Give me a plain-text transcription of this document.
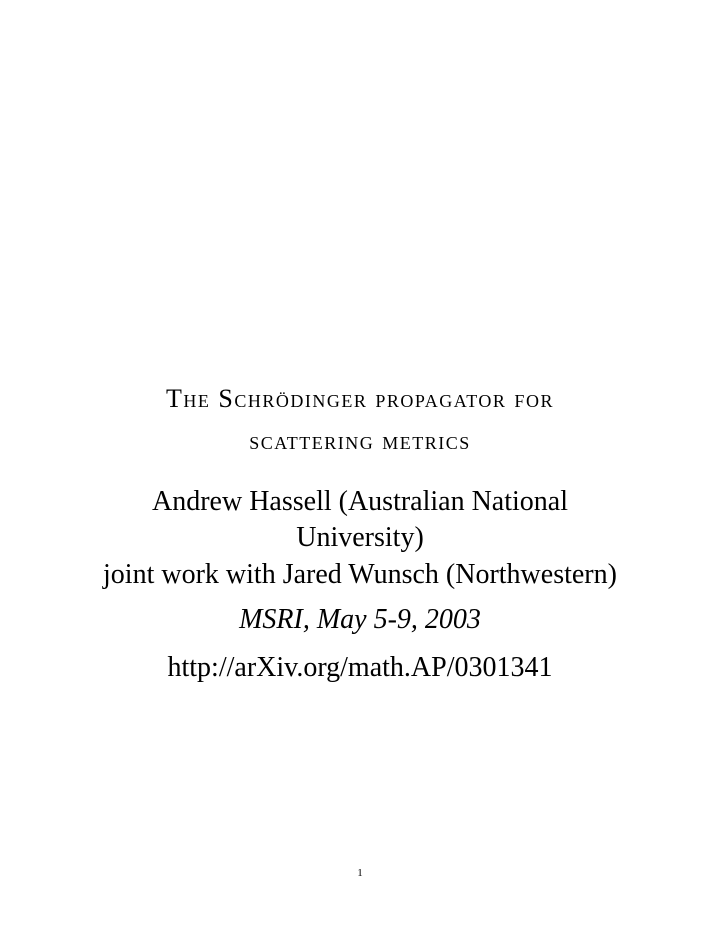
The Schrödinger propagator for
scattering metrics
Andrew Hassell (Australian National
University)
joint work with Jared Wunsch (Northwestern)
MSRI, May 5-9, 2003
http://arXiv.org/math.AP/0301341
1
